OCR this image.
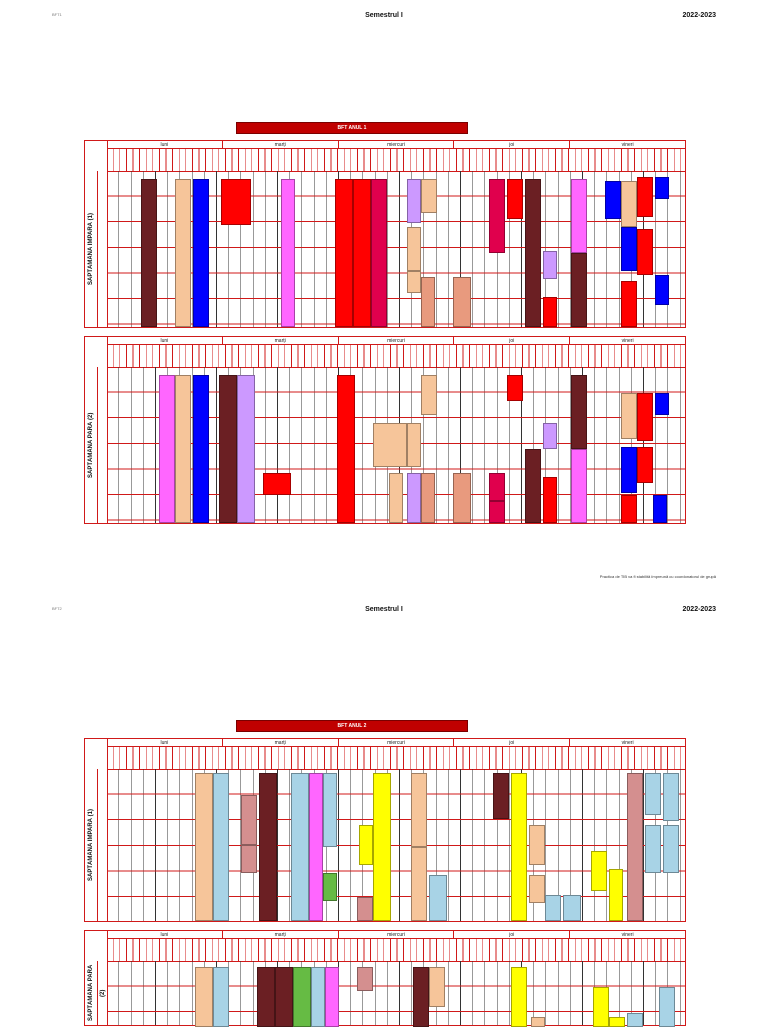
BFT1	Semestrul I	2022-2023
BFT ANUL 1
SĂPTĂMÂNA IMPARĂ (1)
luni	marți	miercuri	joi	vineri
SĂPTĂMÂNA PARĂ (2)
luni	marți	miercuri	joi	vineri
Practica de TIB va fi stabilită împreună cu coordonatorul de grupă
BFT2	Semestrul I	2022-2023
BFT ANUL 2
SĂPTĂMÂNA IMPARĂ (1)
luni	marți	miercuri	joi	vineri
SĂPTĂMÂNA PARĂ (2)
luni	marți	miercuri	joi	vineri
